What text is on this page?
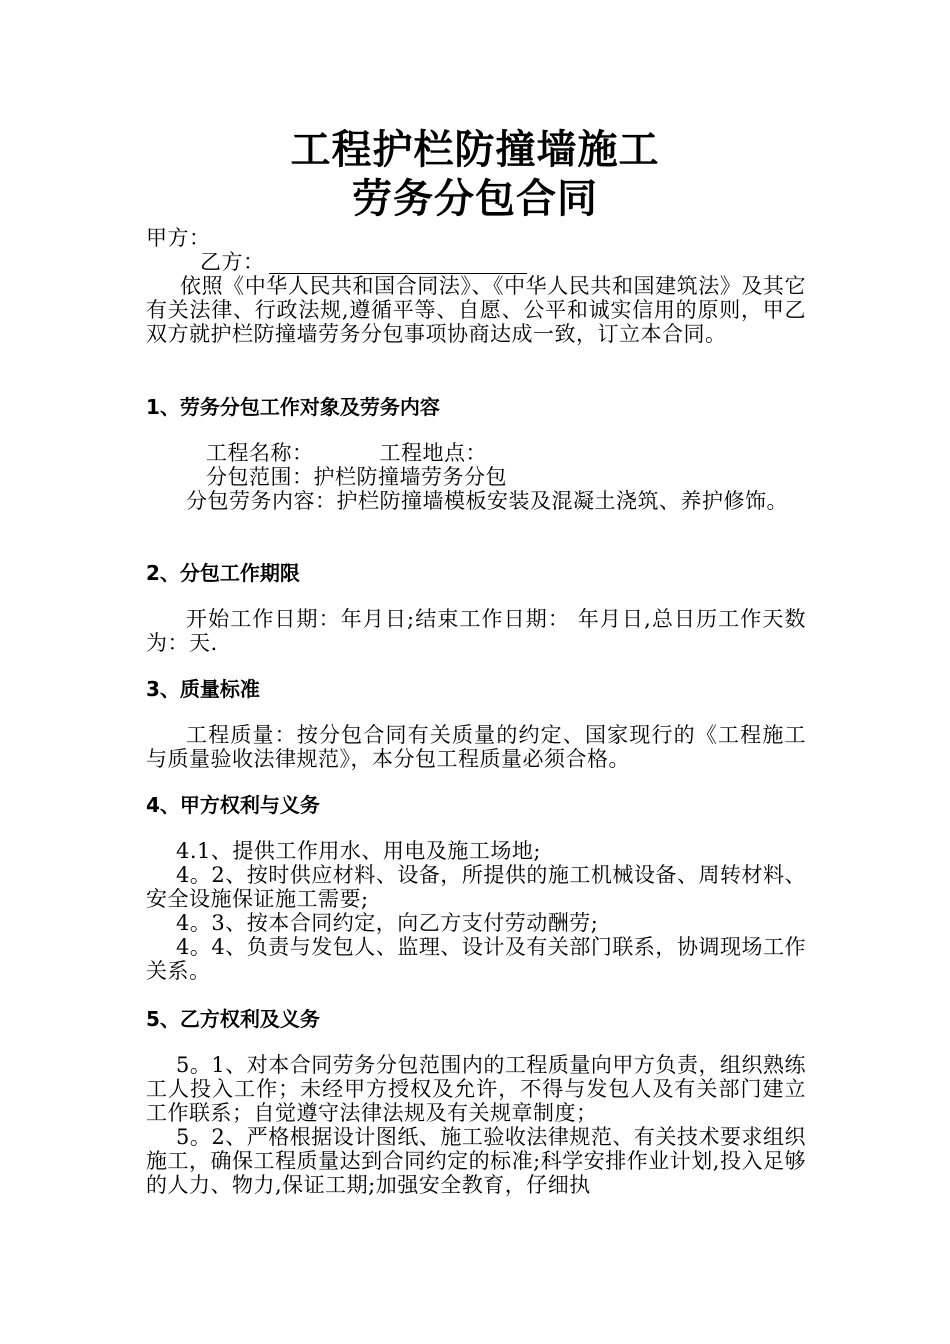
工程护栏防撞墙施工
劳务分包合同
甲方：
乙方：
依照《中华人民共和国合同法》、《中华人民共和国建筑法》及其它有关法律、行政法规,遵循平等、自愿、公平和诚实信用的原则，甲乙双方就护栏防撞墙劳务分包事项协商达成一致，订立本合同。
1、劳务分包工作对象及劳务内容
工程名称：	工程地点：
分包范围：护栏防撞墙劳务分包
分包劳务内容：护栏防撞墙模板安装及混凝土浇筑、养护修饰。
2、分包工作期限
开始工作日期：年月日;结束工作日期： 年月日,总日历工作天数为：天.
3、质量标准
工程质量：按分包合同有关质量的约定、国家现行的《工程施工与质量验收法律规范》，本分包工程质量必须合格。
4、甲方权利与义务
4.1、提供工作用水、用电及施工场地;
4。2、按时供应材料、设备，所提供的施工机械设备、周转材料、安全设施保证施工需要;
4。3、按本合同约定，向乙方支付劳动酬劳;
4。4、负责与发包人、监理、设计及有关部门联系，协调现场工作关系。
5、乙方权利及义务
5。1、对本合同劳务分包范围内的工程质量向甲方负责，组织熟练工人投入工作；未经甲方授权及允许，不得与发包人及有关部门建立工作联系；自觉遵守法律法规及有关规章制度；
5。2、严格根据设计图纸、施工验收法律规范、有关技术要求组织施工，确保工程质量达到合同约定的标准;科学安排作业计划,投入足够的人力、物力,保证工期;加强安全教育，仔细执
